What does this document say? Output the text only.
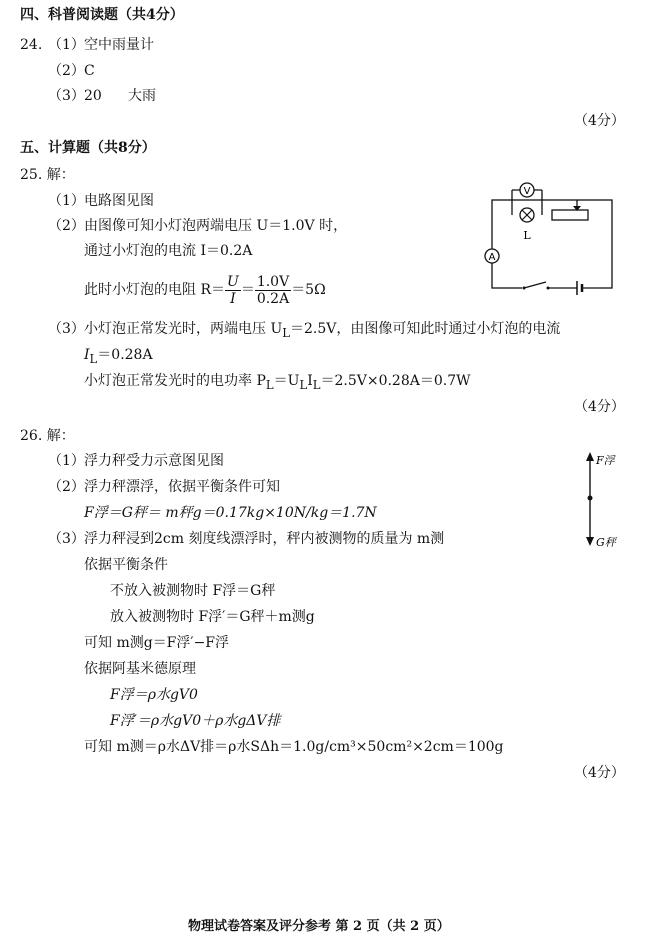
四、科普阅读题（共4分）
24. （1） 空中雨量计
（2） C
（3） 20 大雨
（4分）
五、计算题（共8分）
25. 解：
（1） 电路图见图
（2） 由图像可知小灯泡两端电压 U＝1.0V 时，
通过小灯泡的电流 I＝0.2A
此时小灯泡的电阻 $R= \frac{U}{I} = \frac{1.0V}{0.2A} =5\Omega$
（3） 小灯泡正常发光时，两端电压 $U_L=2.5V$，由图像可知此时通过小灯泡的电流
$I_L=0.28A$
小灯泡正常发光时的电功率 $P_L=U_LI_L=2.5V\times 0.28A=0.7W$
（4分）
V
L
A
26. 解：
（1） 浮力秤受力示意图见图
（2） 浮力秤漂浮，依据平衡条件可知
F浮＝G秤＝ m秤g＝0.17kg×10N/kg＝1.7N
（3） 浮力秤浸到2cm 刻度线漂浮时，秤内被测物的质量为 m测
依据平衡条件
不放入被测物时 F浮＝G秤
放入被测物时 F浮′＝G秤＋m测g
可知 m测g＝F浮′−F浮
依据阿基米德原理
F浮＝ρ水gV0
F浮′＝ρ水gV0＋ρ水gΔV排
可知 m测＝ρ水ΔV排＝ρ水SΔh＝1.0g/cm³×50cm²×2cm＝100g
（4分）
F浮
G秤
物理试卷答案及评分参考 第 2 页（共 2 页）
